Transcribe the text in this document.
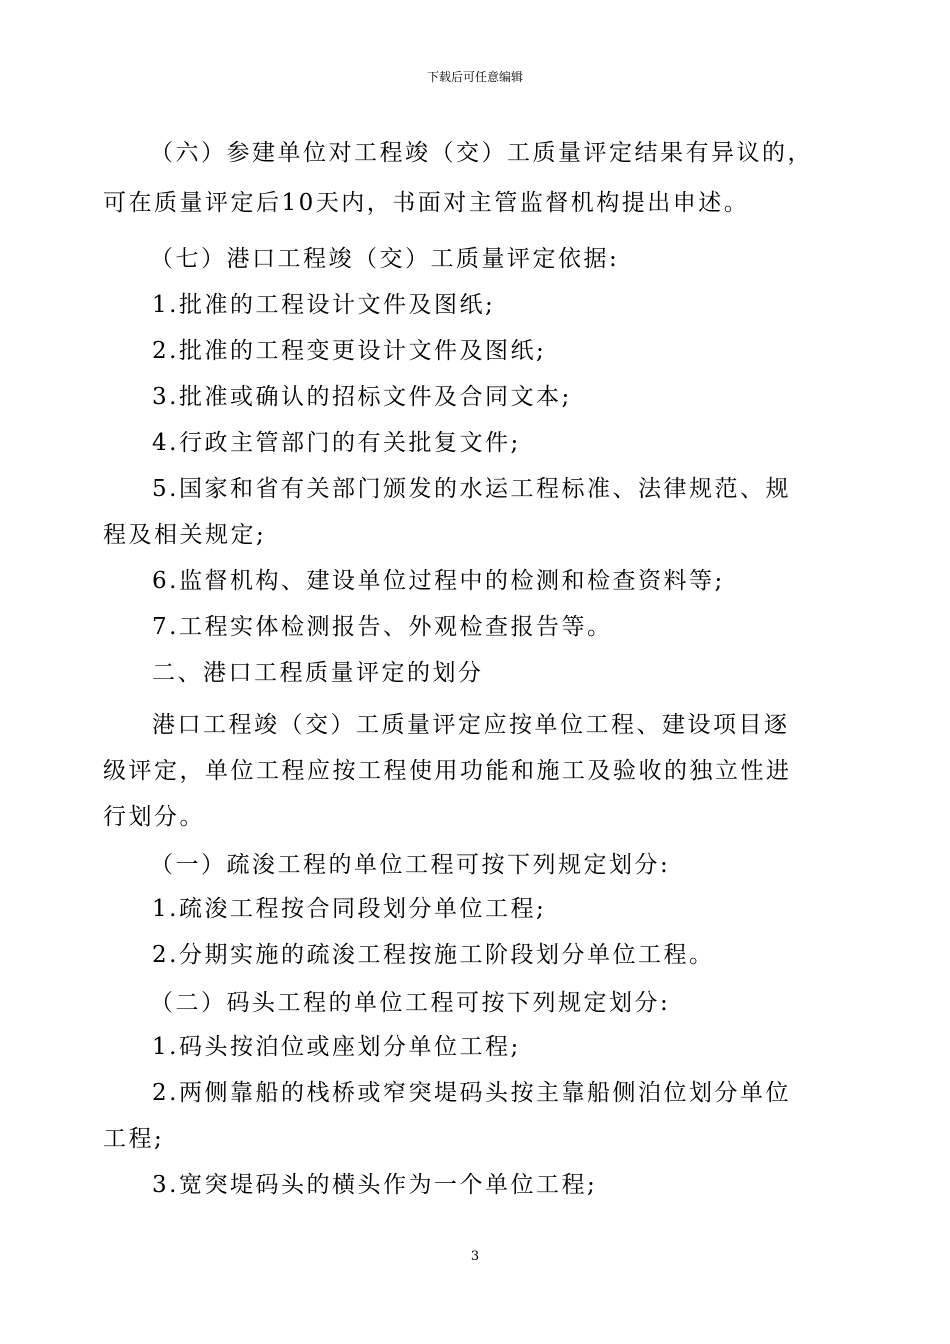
下载后可任意编辑
（六）参建单位对工程竣（交）工质量评定结果有异议的，
可在质量评定后10天内，书面对主管监督机构提出申述。
（七）港口工程竣（交）工质量评定依据:
1.批准的工程设计文件及图纸;
2.批准的工程变更设计文件及图纸;
3.批准或确认的招标文件及合同文本;
4.行政主管部门的有关批复文件;
5.国家和省有关部门颁发的水运工程标准、法律规范、规
程及相关规定;
6.监督机构、建设单位过程中的检测和检查资料等;
7.工程实体检测报告、外观检查报告等。
二、港口工程质量评定的划分
港口工程竣（交）工质量评定应按单位工程、建设项目逐
级评定，单位工程应按工程使用功能和施工及验收的独立性进
行划分。
（一）疏浚工程的单位工程可按下列规定划分:
1.疏浚工程按合同段划分单位工程;
2.分期实施的疏浚工程按施工阶段划分单位工程。
（二）码头工程的单位工程可按下列规定划分:
1.码头按泊位或座划分单位工程;
2.两侧靠船的栈桥或窄突堤码头按主靠船侧泊位划分单位
工程;
3.宽突堤码头的横头作为一个单位工程;
3
